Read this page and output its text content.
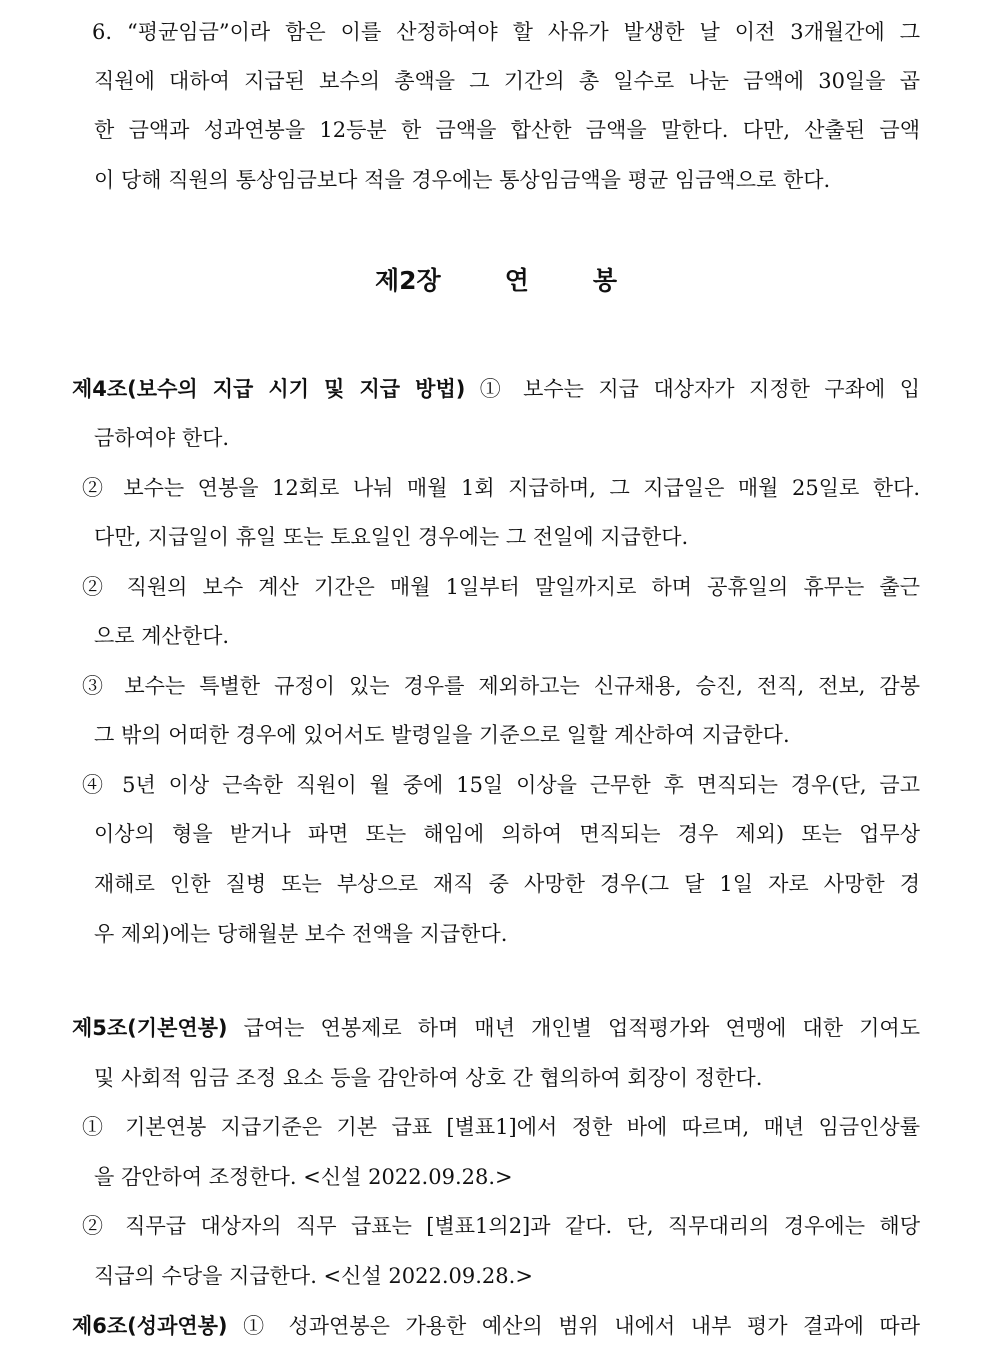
6. “평균임금”이라 함은 이를 산정하여야 할 사유가 발생한 날 이전 3개월간에 그

직원에 대하여 지급된 보수의 총액을 그 기간의 총 일수로 나눈 금액에 30일을 곱

한 금액과 성과연봉을 12등분 한 금액을 합산한 금액을 말한다. 다만, 산출된 금액

이 당해 직원의 통상임금보다 적을 경우에는 통상임금액을 평균 임금액으로 한다.

제2장	연	봉

제4조(보수의 지급 시기 및 지급 방법) ① 보수는 지급 대상자가 지정한 구좌에 입

금하여야 한다.

② 보수는 연봉을 12회로 나눠 매월 1회 지급하며, 그 지급일은 매월 25일로 한다.

다만, 지급일이 휴일 또는 토요일인 경우에는 그 전일에 지급한다.

② 직원의 보수 계산 기간은 매월 1일부터 말일까지로 하며 공휴일의 휴무는 출근

으로 계산한다.

③ 보수는 특별한 규정이 있는 경우를 제외하고는 신규채용, 승진, 전직, 전보, 감봉

그 밖의 어떠한 경우에 있어서도 발령일을 기준으로 일할 계산하여 지급한다.

④ 5년 이상 근속한 직원이 월 중에 15일 이상을 근무한 후 면직되는 경우(단, 금고

이상의 형을 받거나 파면 또는 해임에 의하여 면직되는 경우 제외) 또는 업무상

재해로 인한 질병 또는 부상으로 재직 중 사망한 경우(그 달 1일 자로 사망한 경

우 제외)에는 당해월분 보수 전액을 지급한다.

제5조(기본연봉) 급여는 연봉제로 하며 매년 개인별 업적평가와 연맹에 대한 기여도

및 사회적 임금 조정 요소 등을 감안하여 상호 간 협의하여 회장이 정한다.

① 기본연봉 지급기준은 기본 급표 [별표1]에서 정한 바에 따르며, 매년 임금인상률

을 감안하여 조정한다. <신설 2022.09.28.>

② 직무급 대상자의 직무 급표는 [별표1의2]과 같다. 단, 직무대리의 경우에는 해당

직급의 수당을 지급한다. <신설 2022.09.28.>

제6조(성과연봉) ① 성과연봉은 가용한 예산의 범위 내에서 내부 평가 결과에 따라
